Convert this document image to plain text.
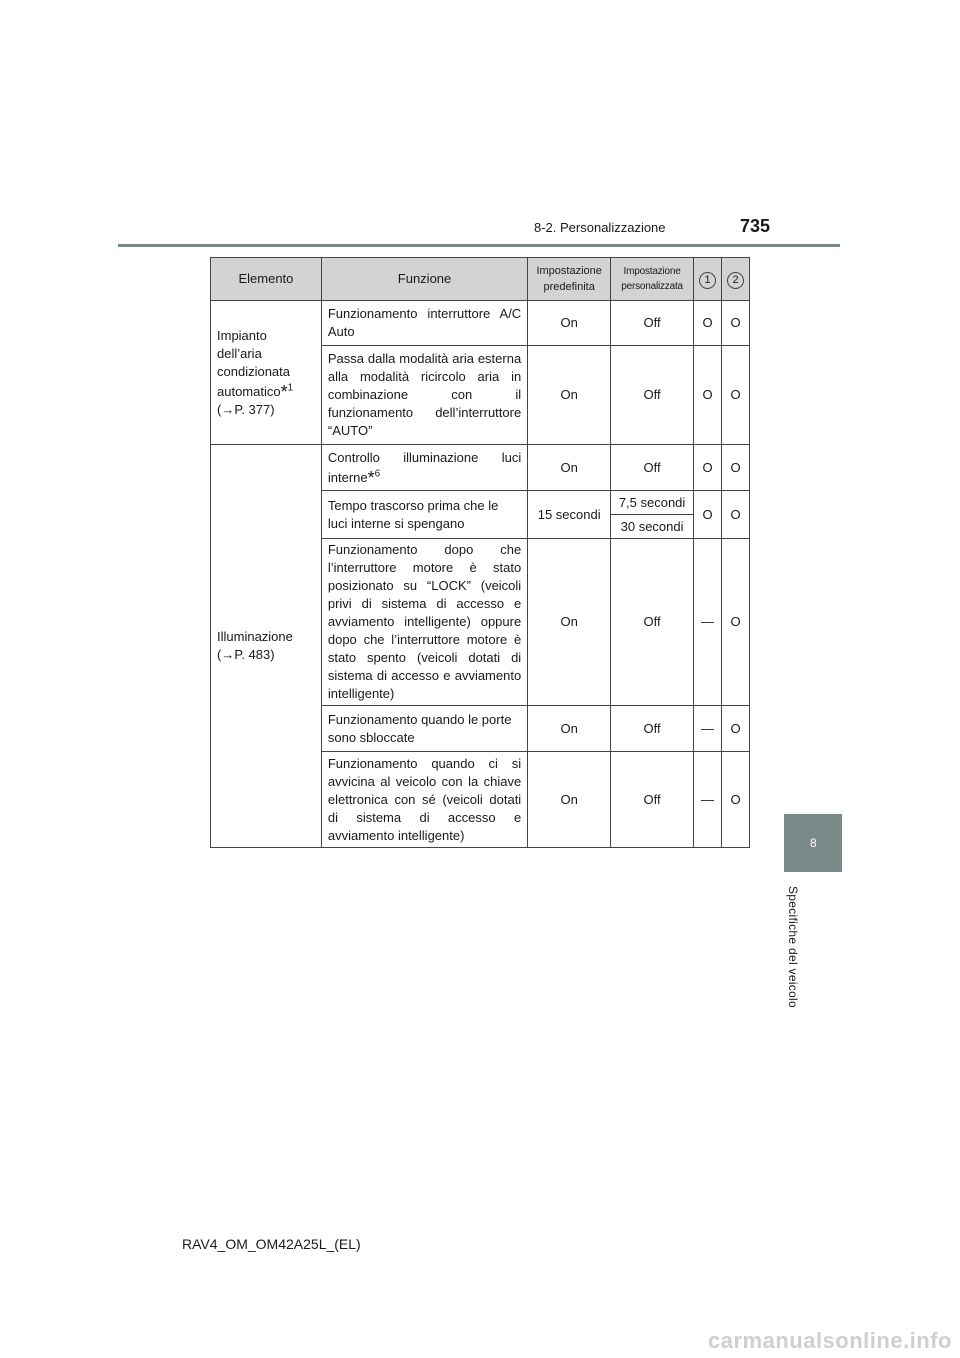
8-2. Personalizzazione	735
8
Specifiche del veicolo
Elemento	Funzione	Impostazione predefinita	Impostazione personalizzata	1	2
Impianto
dell’aria
condizionata
automatico*$^1$
(→P. 377)	Funzionamento interruttore A/C Auto	On	Off	O	O
	Passa dalla modalità aria esterna alla modalità ricircolo aria in combinazione con il funzionamento dell’interruttore “AUTO”	On	Off	O	O
Illuminazione
(→P. 483)	Controllo illuminazione luci interne*$^6$	On	Off	O	O
	Tempo trascorso prima che le luci interne si spengano	15 secondi	7,5 secondi	O	O
			30 secondi		
	Funzionamento dopo che l’interruttore motore è stato posizionato su “LOCK” (veicoli privi di sistema di accesso e avviamento intelligente) oppure dopo che l’interruttore motore è stato spento (veicoli dotati di sistema di accesso e avviamento intelligente)	On	Off	—	O
	Funzionamento quando le porte sono sbloccate	On	Off	—	O
	Funzionamento quando ci si avvicina al veicolo con la chiave elettronica con sé (veicoli dotati di sistema di accesso e avviamento intelligente)	On	Off	—	O
RAV4_OM_OM42A25L_(EL)
carmanualsonline.info
